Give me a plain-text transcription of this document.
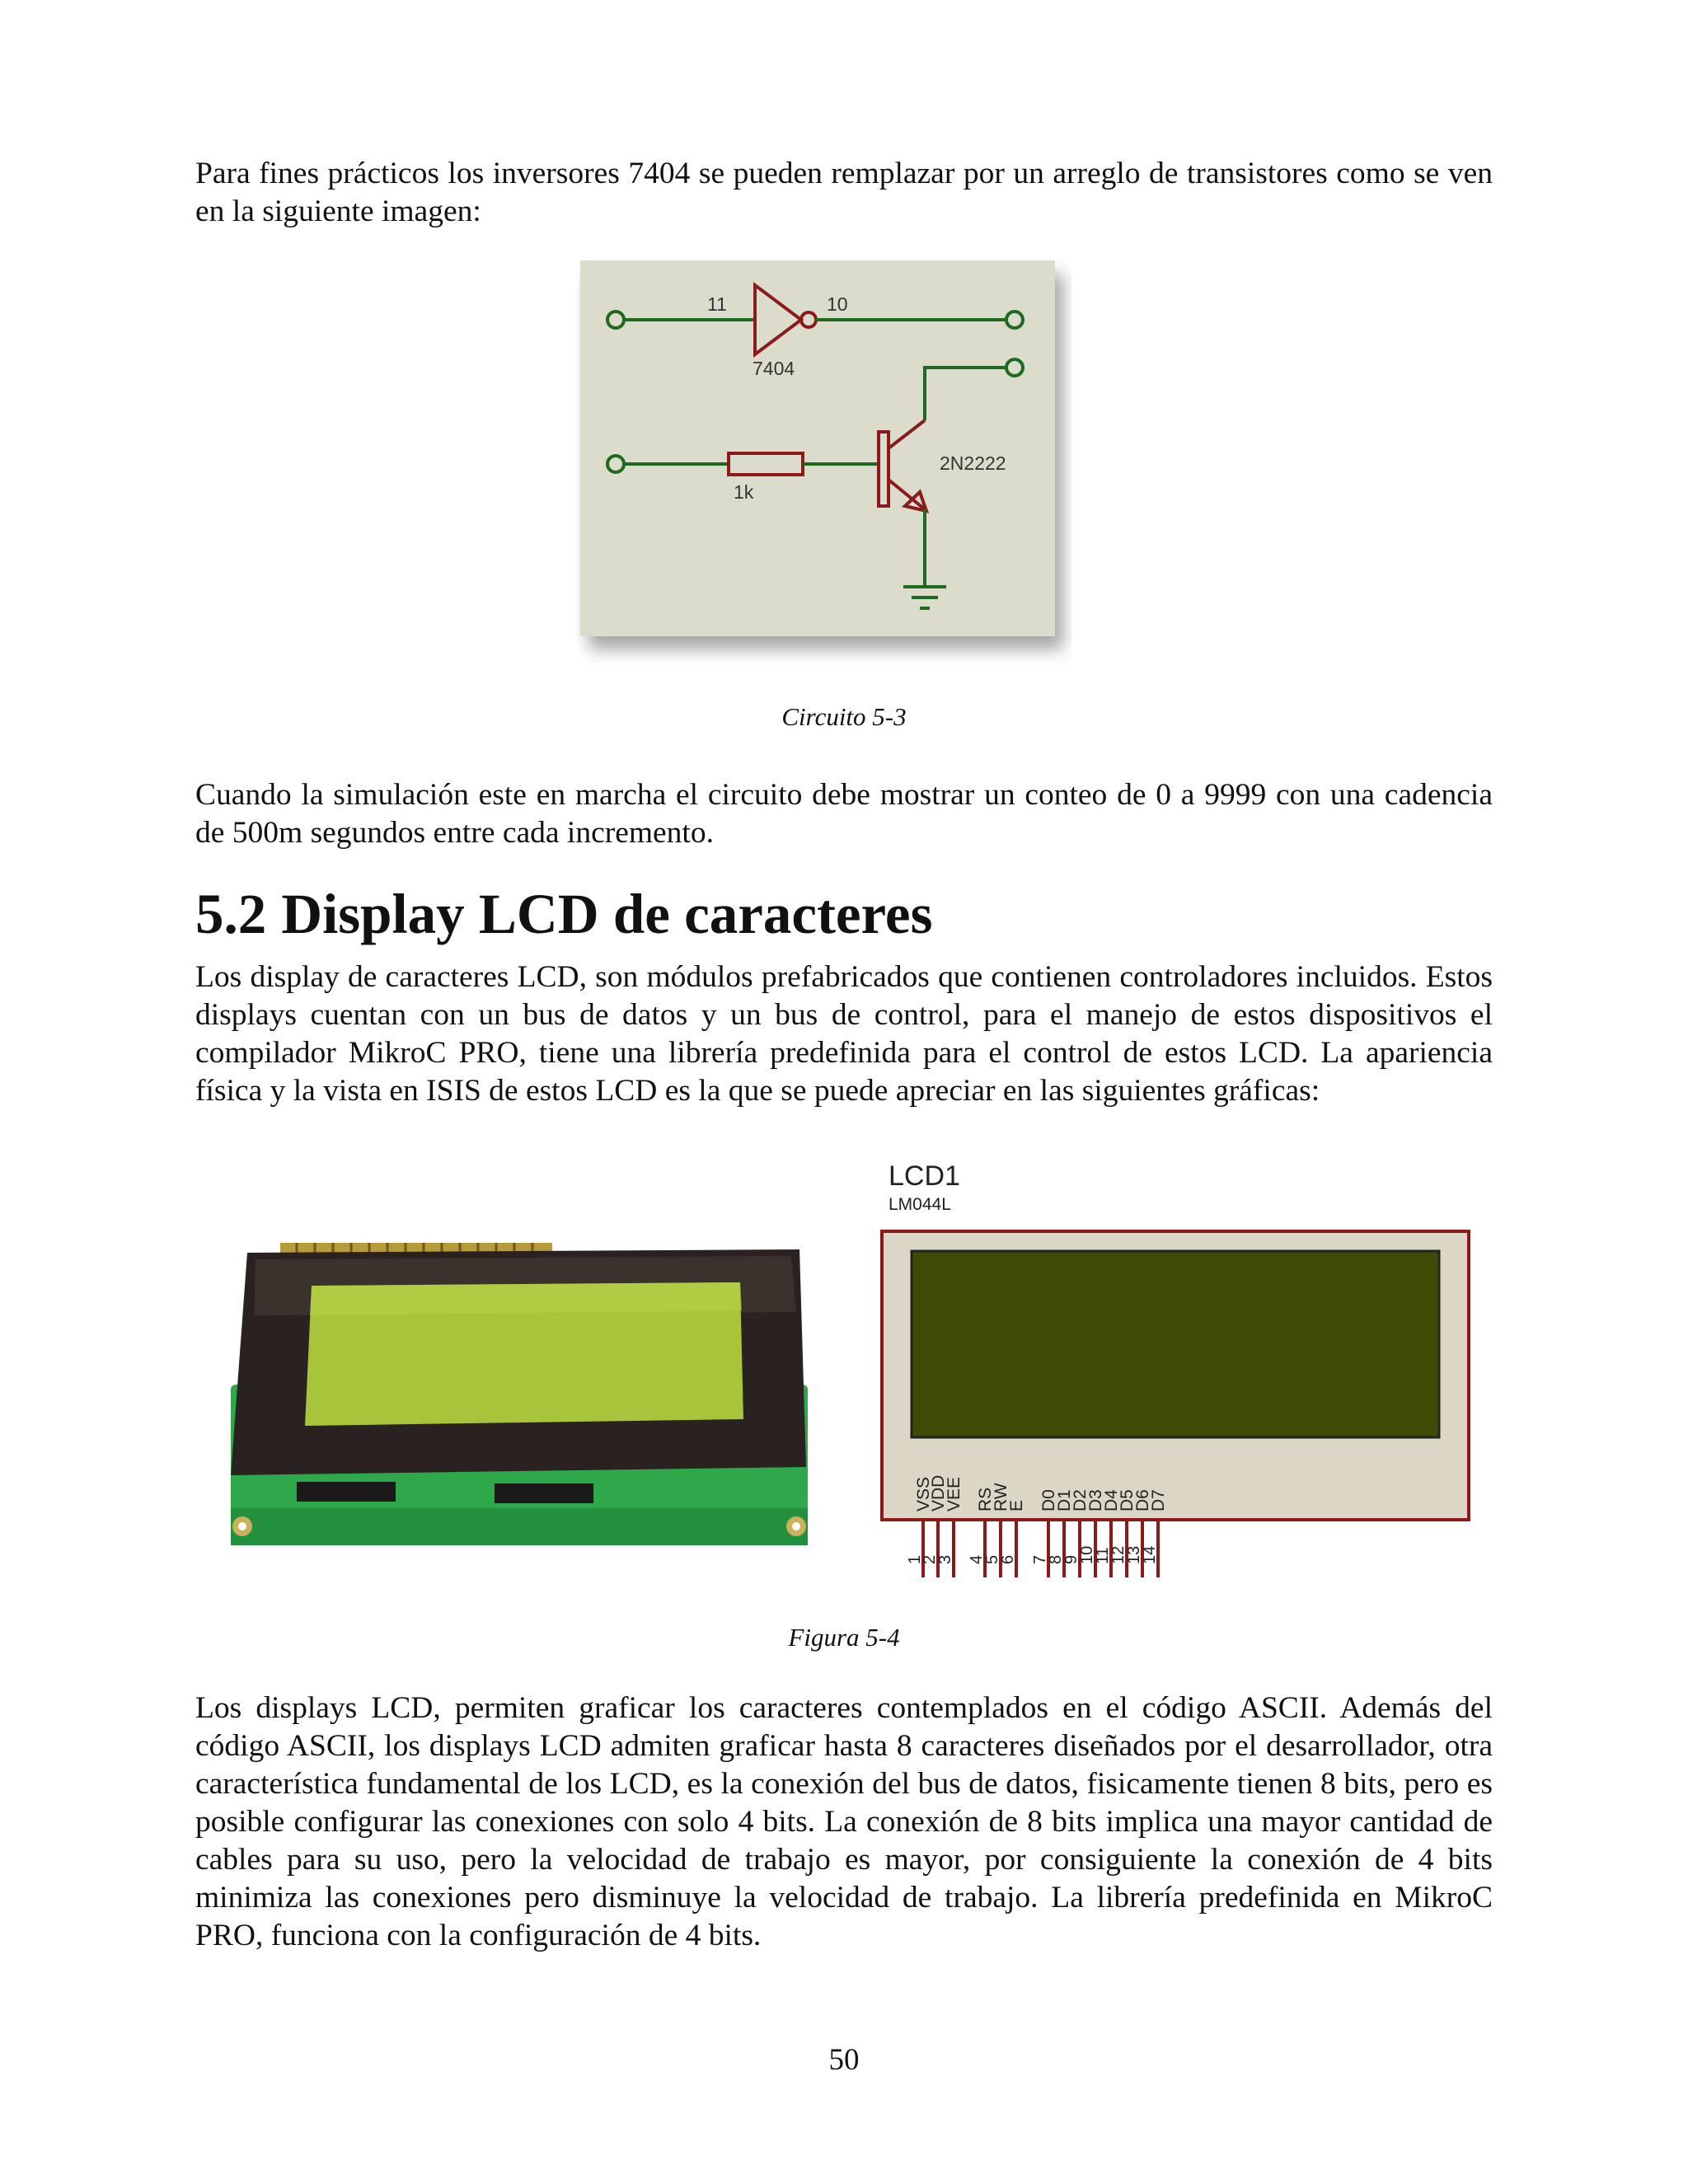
Para fines prácticos los inversores 7404 se pueden remplazar por un arreglo de transistores como se ven en la siguiente imagen:

11	10
7404
1k
2N2222

Circuito 5-3

Cuando la simulación este en marcha el circuito debe mostrar un conteo de 0 a 9999 con una cadencia de 500m segundos entre cada incremento.

5.2 Display LCD de caracteres

Los display de caracteres LCD, son módulos prefabricados que contienen controladores incluidos. Estos displays cuentan con un bus de datos y un bus de control, para el manejo de estos dispositivos el compilador MikroC PRO, tiene una librería predefinida para el control de estos LCD. La apariencia física y la vista en ISIS de estos LCD es la que se puede apreciar en las siguientes gráficas:

LCD1
LM044L
VSS
1
VDD
2
VEE
3
RS
4
RW
5
E
6
D0
7
D1
8
D2
9
D3
10
D4
11
D5
12
D6
13
D7
14

Figura 5-4

Los displays LCD, permiten graficar los caracteres contemplados en el código ASCII. Además del código ASCII, los displays LCD admiten graficar hasta 8 caracteres diseñados por el desarrollador, otra característica fundamental de los LCD, es la conexión del bus de datos, fisicamente tienen 8 bits, pero es posible configurar las conexiones con solo 4 bits. La conexión de 8 bits implica una mayor cantidad de cables para su uso, pero la velocidad de trabajo es mayor, por consiguiente la conexión de 4 bits minimiza las conexiones pero disminuye la velocidad de trabajo. La librería predefinida en MikroC PRO, funciona con la configuración de 4 bits.

50
